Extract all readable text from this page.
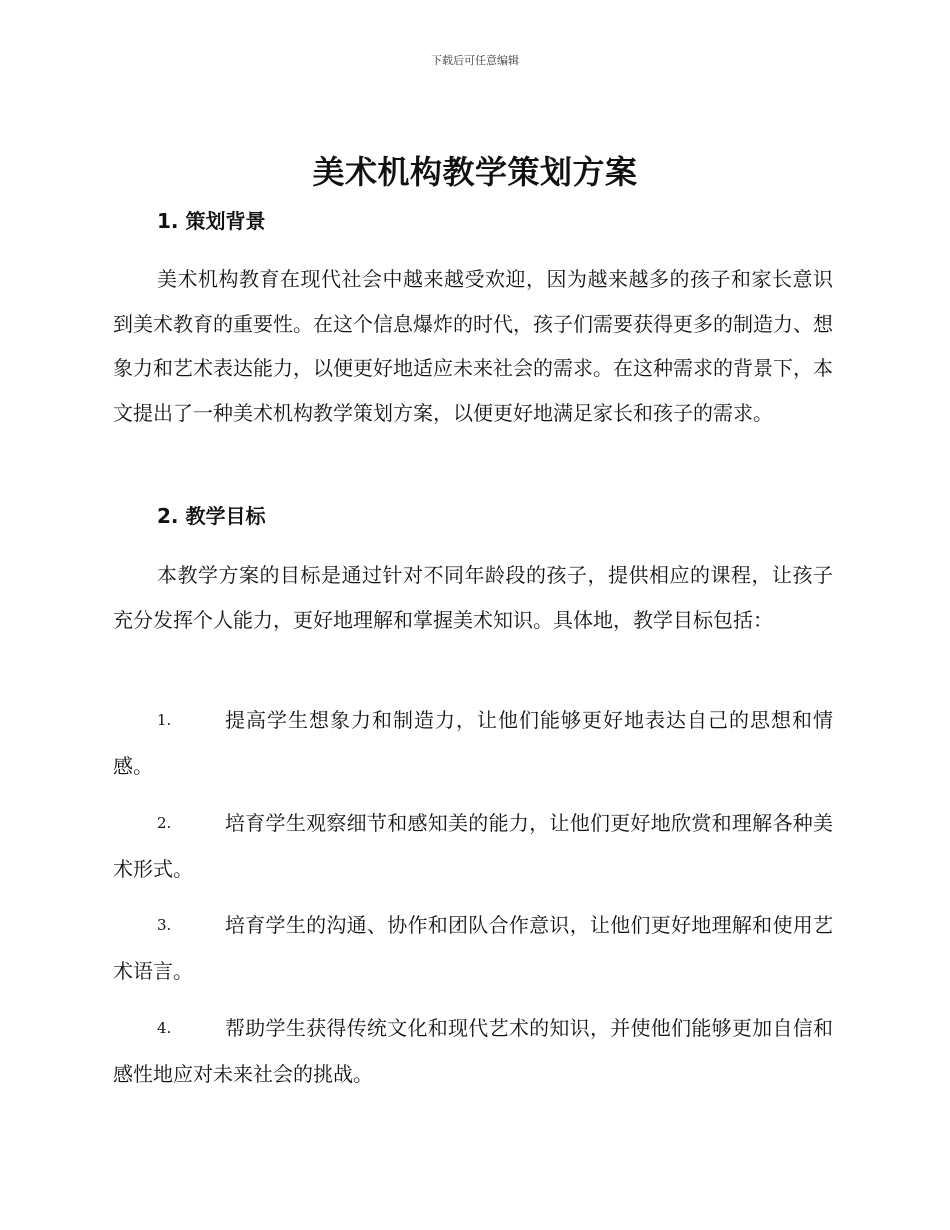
下载后可任意编辑
美术机构教学策划方案
1. 策划背景
美术机构教育在现代社会中越来越受欢迎，因为越来越多的孩子和家长意识到美术教育的重要性。在这个信息爆炸的时代，孩子们需要获得更多的制造力、想象力和艺术表达能力，以便更好地适应未来社会的需求。在这种需求的背景下，本文提出了一种美术机构教学策划方案，以便更好地满足家长和孩子的需求。
2. 教学目标
本教学方案的目标是通过针对不同年龄段的孩子，提供相应的课程，让孩子充分发挥个人能力，更好地理解和掌握美术知识。具体地，教学目标包括：
1.	提高学生想象力和制造力，让他们能够更好地表达自己的思想和情感。
2.	培育学生观察细节和感知美的能力，让他们更好地欣赏和理解各种美术形式。
3.	培育学生的沟通、协作和团队合作意识，让他们更好地理解和使用艺术语言。
4.	帮助学生获得传统文化和现代艺术的知识，并使他们能够更加自信和感性地应对未来社会的挑战。
